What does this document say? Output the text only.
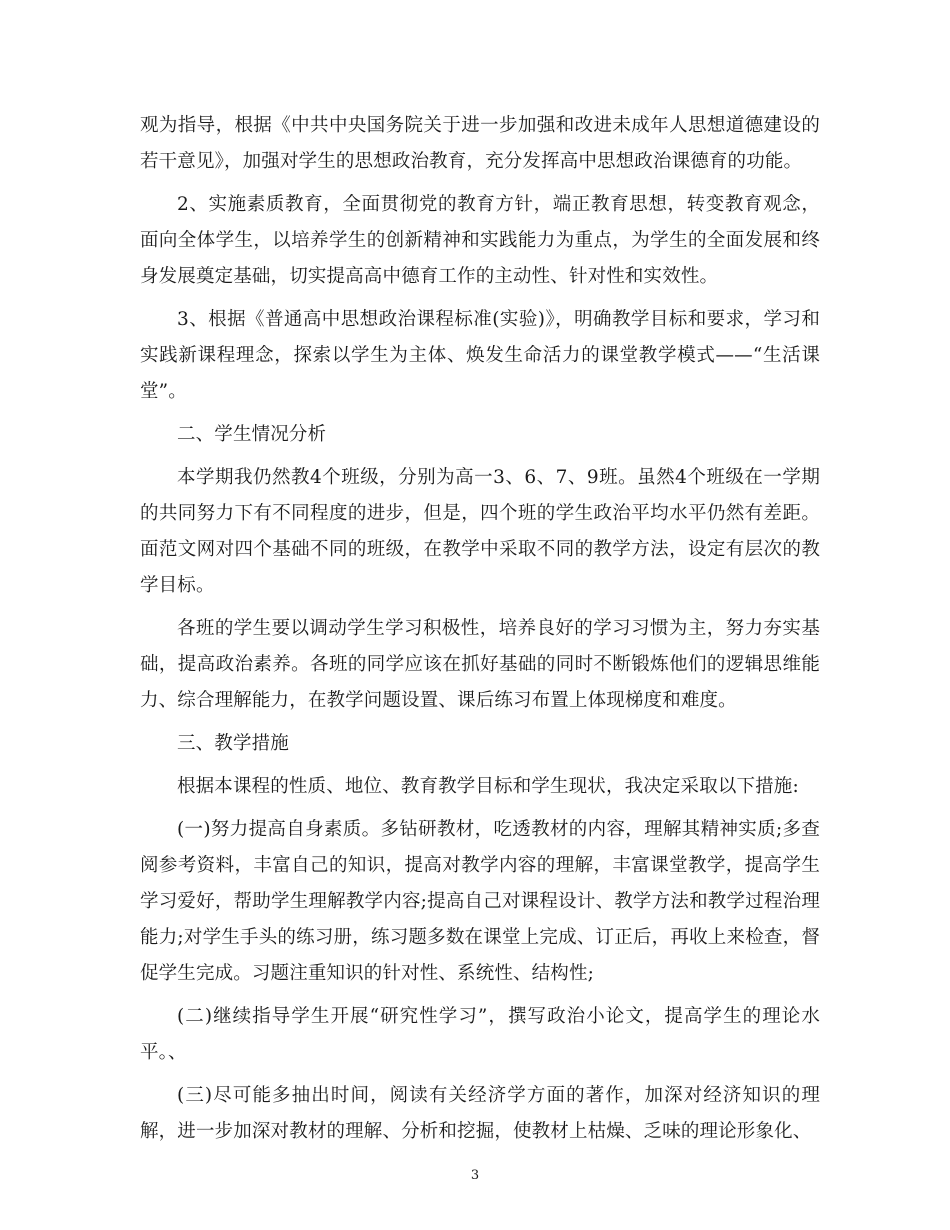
观为指导，根据《中共中央国务院关于进一步加强和改进未成年人思想道德建设的若干意见》，加强对学生的思想政治教育，充分发挥高中思想政治课德育的功能。

2、实施素质教育，全面贯彻党的教育方针，端正教育思想，转变教育观念，面向全体学生，以培养学生的创新精神和实践能力为重点，为学生的全面发展和终身发展奠定基础，切实提高高中德育工作的主动性、针对性和实效性。

3、根据《普通高中思想政治课程标准(实验)》，明确教学目标和要求，学习和实践新课程理念，探索以学生为主体、焕发生命活力的课堂教学模式——“生活课堂”。

二、学生情况分析

本学期我仍然教4个班级，分别为高一3、6、7、9班。虽然4个班级在一学期的共同努力下有不同程度的进步，但是，四个班的学生政治平均水平仍然有差距。面范文网对四个基础不同的班级，在教学中采取不同的教学方法，设定有层次的教学目标。

各班的学生要以调动学生学习积极性，培养良好的学习习惯为主，努力夯实基础，提高政治素养。各班的同学应该在抓好基础的同时不断锻炼他们的逻辑思维能力、综合理解能力，在教学问题设置、课后练习布置上体现梯度和难度。

三、教学措施

根据本课程的性质、地位、教育教学目标和学生现状，我决定采取以下措施:

(一)努力提高自身素质。多钻研教材，吃透教材的内容，理解其精神实质;多查阅参考资料，丰富自己的知识，提高对教学内容的理解，丰富课堂教学，提高学生学习爱好，帮助学生理解教学内容;提高自己对课程设计、教学方法和教学过程治理能力;对学生手头的练习册，练习题多数在课堂上完成、订正后，再收上来检查，督促学生完成。习题注重知识的针对性、系统性、结构性;

(二)继续指导学生开展“研究性学习”，撰写政治小论文，提高学生的理论水平。、

(三)尽可能多抽出时间，阅读有关经济学方面的著作，加深对经济知识的理解，进一步加深对教材的理解、分析和挖掘，使教材上枯燥、乏味的理论形象化、

3
